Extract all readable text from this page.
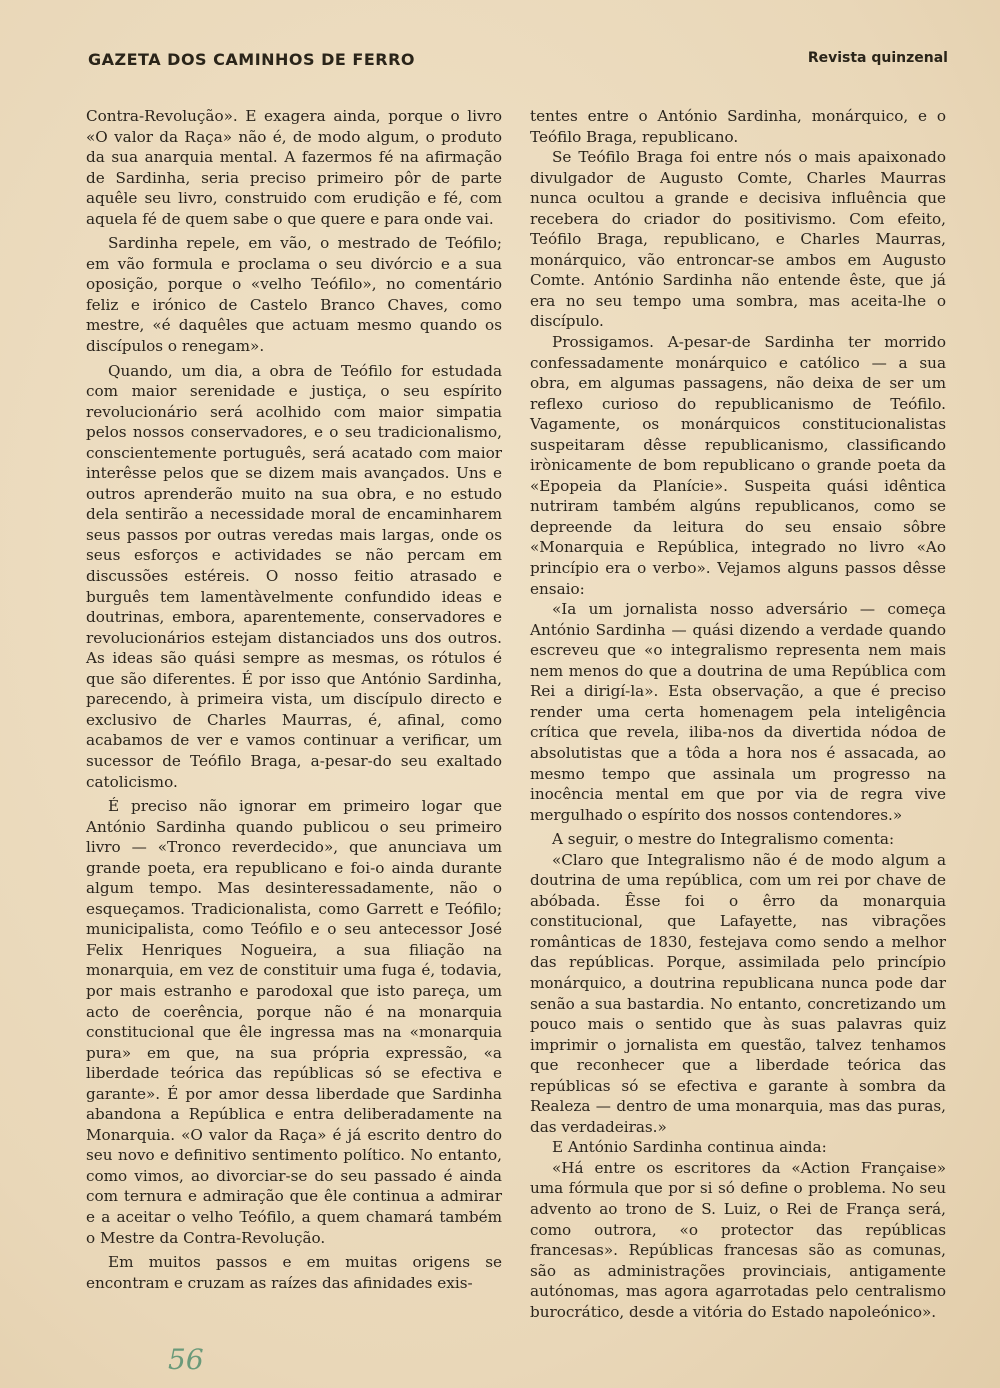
GAZETA DOS CAMINHOS DE FERRO	Revista quinzenal

Contra-Revolução». E exagera ainda, porque o livro «O valor da Raça» não é, de modo algum, o produto da sua anarquia mental. A fazermos fé na afirmação de Sardinha, seria preciso primeiro pôr de parte aquêle seu livro, construido com erudição e fé, com aquela fé de quem sabe o que quere e para onde vai.

Sardinha repele, em vão, o mestrado de Teófilo; em vão formula e proclama o seu divórcio e a sua oposição, porque o «velho Teófilo», no comentário feliz e irónico de Castelo Branco Chaves, como mestre, «é daquêles que actuam mesmo quando os discípulos o renegam».

Quando, um dia, a obra de Teófilo for estudada com maior serenidade e justiça, o seu espírito revolucionário será acolhido com maior simpatia pelos nossos conservadores, e o seu tradicionalismo, conscientemente português, será acatado com maior interêsse pelos que se dizem mais avançados. Uns e outros aprenderão muito na sua obra, e no estudo dela sentirão a necessidade moral de encaminharem seus passos por outras veredas mais largas, onde os seus esforços e actividades se não percam em discussões estéreis. O nosso feitio atrasado e burguês tem lamentàvelmente confundido ideas e doutrinas, embora, aparentemente, conservadores e revolucionários estejam distanciados uns dos outros. As ideas são quási sempre as mesmas, os rótulos é que são diferentes. É por isso que António Sardinha, parecendo, à primeira vista, um discípulo directo e exclusivo de Charles Maurras, é, afinal, como acabamos de ver e vamos continuar a verificar, um sucessor de Teófilo Braga, a-pesar-do seu exaltado catolicismo.

É preciso não ignorar em primeiro logar que António Sardinha quando publicou o seu primeiro livro — «Tronco reverdecido», que anunciava um grande poeta, era republicano e foi-o ainda durante algum tempo. Mas desinteressadamente, não o esqueçamos. Tradicionalista, como Garrett e Teófilo; municipalista, como Teófilo e o seu antecessor José Felix Henriques Nogueira, a sua filiação na monarquia, em vez de constituir uma fuga é, todavia, por mais estranho e parodoxal que isto pareça, um acto de coerência, porque não é na monarquia constitucional que êle ingressa mas na «monarquia pura» em que, na sua própria expressão, «a liberdade teórica das repúblicas só se efectiva e garante». É por amor dessa liberdade que Sardinha abandona a República e entra deliberadamente na Monarquia. «O valor da Raça» é já escrito dentro do seu novo e definitivo sentimento político. No entanto, como vimos, ao divorciar-se do seu passado é ainda com ternura e admiração que êle continua a admirar e a aceitar o velho Teófilo, a quem chamará também o Mestre da Contra-Revolução.

Em muitos passos e em muitas origens se encontram e cruzam as raízes das afinidades exis-

tentes entre o António Sardinha, monárquico, e o Teófilo Braga, republicano.

Se Teófilo Braga foi entre nós o mais apaixonado divulgador de Augusto Comte, Charles Maurras nunca ocultou a grande e decisiva influência que recebera do criador do positivismo. Com efeito, Teófilo Braga, republicano, e Charles Maurras, monárquico, vão entroncar-se ambos em Augusto Comte. António Sardinha não entende êste, que já era no seu tempo uma sombra, mas aceita-lhe o discípulo.

Prossigamos. A-pesar-de Sardinha ter morrido confessadamente monárquico e católico — a sua obra, em algumas passagens, não deixa de ser um reflexo curioso do republicanismo de Teófilo. Vagamente, os monárquicos constitucionalistas suspeitaram dêsse republicanismo, classificando irònicamente de bom republicano o grande poeta da «Epopeia da Planície». Suspeita quási idêntica nutriram também algúns republicanos, como se depreende da leitura do seu ensaio sôbre «Monarquia e República, integrado no livro «Ao princípio era o verbo». Vejamos alguns passos dêsse ensaio:

«Ia um jornalista nosso adversário — começa António Sardinha — quási dizendo a verdade quando escreveu que «o integralismo representa nem mais nem menos do que a doutrina de uma República com Rei a dirigí-la». Esta observação, a que é preciso render uma certa homenagem pela inteligência crítica que revela, iliba-nos da divertida nódoa de absolutistas que a tôda a hora nos é assacada, ao mesmo tempo que assinala um progresso na inocência mental em que por via de regra vive mergulhado o espírito dos nossos contendores.»

A seguir, o mestre do Integralismo comenta:

«Claro que Integralismo não é de modo algum a doutrina de uma república, com um rei por chave de abóbada. Êsse foi o êrro da monarquia constitucional, que Lafayette, nas vibrações românticas de 1830, festejava como sendo a melhor das repúblicas. Porque, assimilada pelo princípio monárquico, a doutrina republicana nunca pode dar senão a sua bastardia. No entanto, concretizando um pouco mais o sentido que às suas palavras quiz imprimir o jornalista em questão, talvez tenhamos que reconhecer que a liberdade teórica das repúblicas só se efectiva e garante à sombra da Realeza — dentro de uma monarquia, mas das puras, das verdadeiras.»

E António Sardinha continua ainda:

«Há entre os escritores da «Action Française» uma fórmula que por si só define o problema. No seu advento ao trono de S. Luiz, o Rei de França será, como outrora, «o protector das repúblicas francesas». Repúblicas francesas são as comunas, são as administrações provinciais, antigamente autónomas, mas agora agarrotadas pelo centralismo burocrático, desde a vitória do Estado napoleónico».

56
